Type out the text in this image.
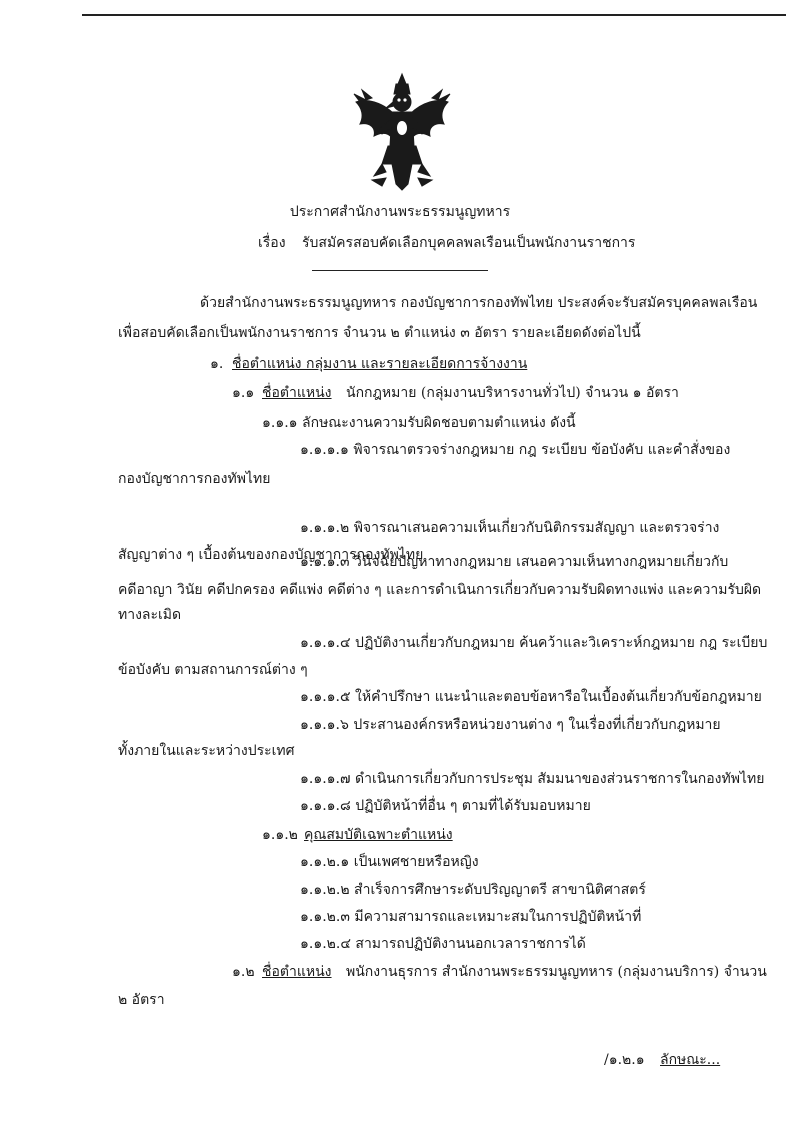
ประกาศสำนักงานพระธรรมนูญทหาร
เรื่อง รับสมัครสอบคัดเลือกบุคคลพลเรือนเป็นพนักงานราชการ
ด้วยสำนักงานพระธรรมนูญทหาร กองบัญชาการกองทัพไทย ประสงค์จะรับสมัครบุคคลพลเรือน
เพื่อสอบคัดเลือกเป็นพนักงานราชการ จำนวน ๒ ตำแหน่ง ๓ อัตรา รายละเอียดดังต่อไปนี้
๑. ชื่อตำแหน่ง กลุ่มงาน และรายละเอียดการจ้างงาน
๑.๑ ชื่อตำแหน่ง นักกฎหมาย (กลุ่มงานบริหารงานทั่วไป) จำนวน ๑ อัตรา
๑.๑.๑ ลักษณะงานความรับผิดชอบตามตำแหน่ง ดังนี้
๑.๑.๑.๑ พิจารณาตรวจร่างกฎหมาย กฎ ระเบียบ ข้อบังคับ และคำสั่งของ
กองบัญชาการกองทัพไทย
๑.๑.๑.๒ พิจารณาเสนอความเห็นเกี่ยวกับนิติกรรมสัญญา และตรวจร่าง
สัญญาต่าง ๆ เบื้องต้นของกองบัญชาการกองทัพไทย
๑.๑.๑.๓ วินิจฉัยปัญหาทางกฎหมาย เสนอความเห็นทางกฎหมายเกี่ยวกับ
คดีอาญา วินัย คดีปกครอง คดีแพ่ง คดีต่าง ๆ และการดำเนินการเกี่ยวกับความรับผิดทางแพ่ง และความรับผิด
ทางละเมิด
๑.๑.๑.๔ ปฏิบัติงานเกี่ยวกับกฎหมาย ค้นคว้าและวิเคราะห์กฎหมาย กฎ ระเบียบ
ข้อบังคับ ตามสถานการณ์ต่าง ๆ
๑.๑.๑.๕ ให้คำปรึกษา แนะนำและตอบข้อหารือในเบื้องต้นเกี่ยวกับข้อกฎหมาย
๑.๑.๑.๖ ประสานองค์กรหรือหน่วยงานต่าง ๆ ในเรื่องที่เกี่ยวกับกฎหมาย
ทั้งภายในและระหว่างประเทศ
๑.๑.๑.๗ ดำเนินการเกี่ยวกับการประชุม สัมมนาของส่วนราชการในกองทัพไทย
๑.๑.๑.๘ ปฏิบัติหน้าที่อื่น ๆ ตามที่ได้รับมอบหมาย
๑.๑.๒ คุณสมบัติเฉพาะตำแหน่ง
๑.๑.๒.๑ เป็นเพศชายหรือหญิง
๑.๑.๒.๒ สำเร็จการศึกษาระดับปริญญาตรี สาขานิติศาสตร์
๑.๑.๒.๓ มีความสามารถและเหมาะสมในการปฏิบัติหน้าที่
๑.๑.๒.๔ สามารถปฏิบัติงานนอกเวลาราชการได้
๑.๒ ชื่อตำแหน่ง พนักงานธุรการ สำนักงานพระธรรมนูญทหาร (กลุ่มงานบริการ) จำนวน
๒ อัตรา
/๑.๒.๑ ลักษณะ...
